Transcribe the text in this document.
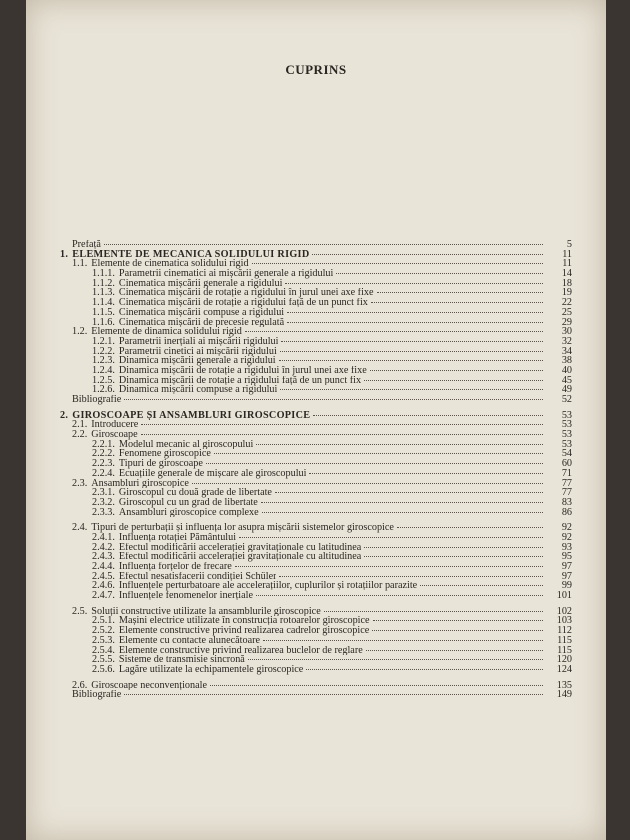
CUPRINS
Prefață	5
1. ELEMENTE DE MECANICA SOLIDULUI RIGID	11
1.1. Elemente de cinematica solidului rigid	11
1.1.1. Parametrii cinematici ai mișcării generale a rigidului	14
1.1.2. Cinematica mișcării generale a rigidului	18
1.1.3. Cinematica mișcării de rotație a rigidului în jurul unei axe fixe	19
1.1.4. Cinematica mișcării de rotație a rigidului față de un punct fix	22
1.1.5. Cinematica mișcării compuse a rigidului	25
1.1.6. Cinematica mișcării de precesie regulată	29
1.2. Elemente de dinamica solidului rigid	30
1.2.1. Parametrii inerțiali ai mișcării rigidului	32
1.2.2. Parametrii cinetici ai mișcării rigidului	34
1.2.3. Dinamica mișcării generale a rigidului	38
1.2.4. Dinamica mișcării de rotație a rigidului în jurul unei axe fixe	40
1.2.5. Dinamica mișcării de rotație a rigidului față de un punct fix	45
1.2.6. Dinamica mișcării compuse a rigidului	49
Bibliografie	52
2. GIROSCOAPE ȘI ANSAMBLURI GIROSCOPICE	53
2.1. Introducere	53
2.2. Giroscoape	53
2.2.1. Modelul mecanic al giroscopului	53
2.2.2. Fenomene giroscopice	54
2.2.3. Tipuri de giroscoape	60
2.2.4. Ecuațiile generale de mișcare ale giroscopului	71
2.3. Ansambluri giroscopice	77
2.3.1. Giroscopul cu două grade de libertate	77
2.3.2. Giroscopul cu un grad de libertate	83
2.3.3. Ansambluri giroscopice complexe	86
2.4. Tipuri de perturbații și influența lor asupra mișcării sistemelor giroscopice	92
2.4.1. Influența rotației Pământului	92
2.4.2. Efectul modificării accelerației gravitaționale cu latitudinea	93
2.4.3. Efectul modificării accelerației gravitaționale cu altitudinea	95
2.4.4. Influența forțelor de frecare	97
2.4.5. Efectul nesatisfacerii condiției Schüler	97
2.4.6. Influențele perturbatoare ale accelerațiilor, cuplurilor și rotațiilor parazite	99
2.4.7. Influențele fenomenelor inerțiale	101
2.5. Soluții constructive utilizate la ansamblurile giroscopice	102
2.5.1. Mașini electrice utilizate în construcția rotoarelor giroscopice	103
2.5.2. Elemente constructive privind realizarea cadrelor giroscopice	112
2.5.3. Elemente cu contacte alunecătoare	115
2.5.4. Elemente constructive privind realizarea buclelor de reglare	115
2.5.5. Sisteme de transmisie sincronă	120
2.5.6. Lagăre utilizate la echipamentele giroscopice	124
2.6. Giroscoape neconvenționale	135
Bibliografie	149
